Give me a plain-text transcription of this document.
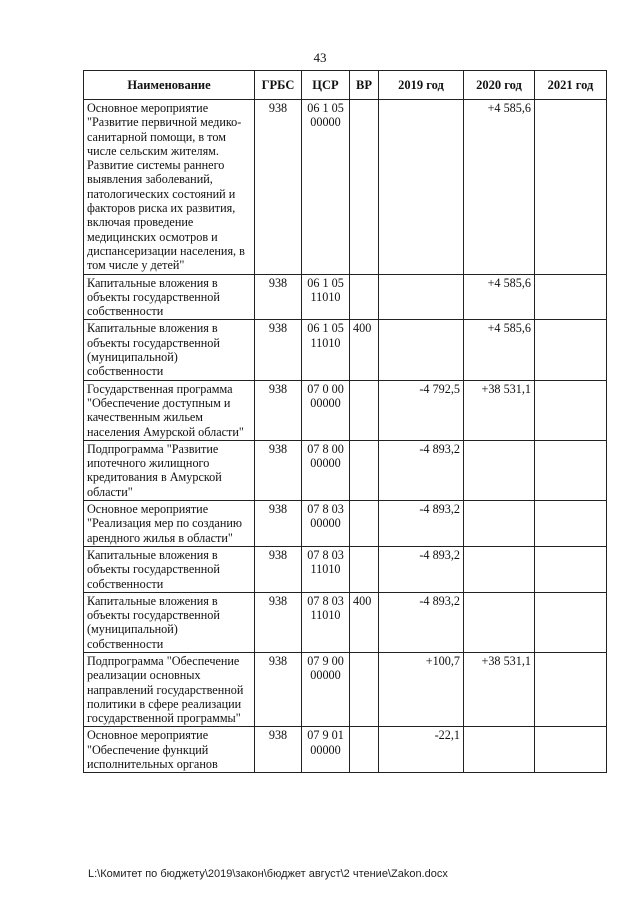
43
Наименование	ГРБС	ЦСР	ВР	2019 год	2020 год	2021 год
Основное мероприятие "Развитие первичной медико-санитарной помощи, в том числе сельским жителям. Развитие системы раннего выявления заболеваний, патологических состояний и факторов риска их развития, включая проведение медицинских осмотров и диспансеризации населения, в том числе у детей"	938	06 1 05 00000			+4 585,6	
Капитальные вложения в объекты государственной собственности	938	06 1 05 11010			+4 585,6	
Капитальные вложения в объекты государственной (муниципальной) собственности	938	06 1 05 11010	400		+4 585,6	
Государственная программа "Обеспечение доступным и качественным жильем населения Амурской области"	938	07 0 00 00000		-4 792,5	+38 531,1	
Подпрограмма "Развитие ипотечного жилищного кредитования в Амурской области"	938	07 8 00 00000		-4 893,2		
Основное мероприятие "Реализация мер по созданию арендного жилья в области"	938	07 8 03 00000		-4 893,2		
Капитальные вложения в объекты государственной собственности	938	07 8 03 11010		-4 893,2		
Капитальные вложения в объекты государственной (муниципальной) собственности	938	07 8 03 11010	400	-4 893,2		
Подпрограмма "Обеспечение реализации основных направлений государственной политики в сфере реализации государственной программы"	938	07 9 00 00000		+100,7	+38 531,1	
Основное мероприятие "Обеспечение функций исполнительных органов	938	07 9 01 00000		-22,1		
L:\Комитет по бюджету\2019\закон\бюджет август\2 чтение\Zakon.docx
